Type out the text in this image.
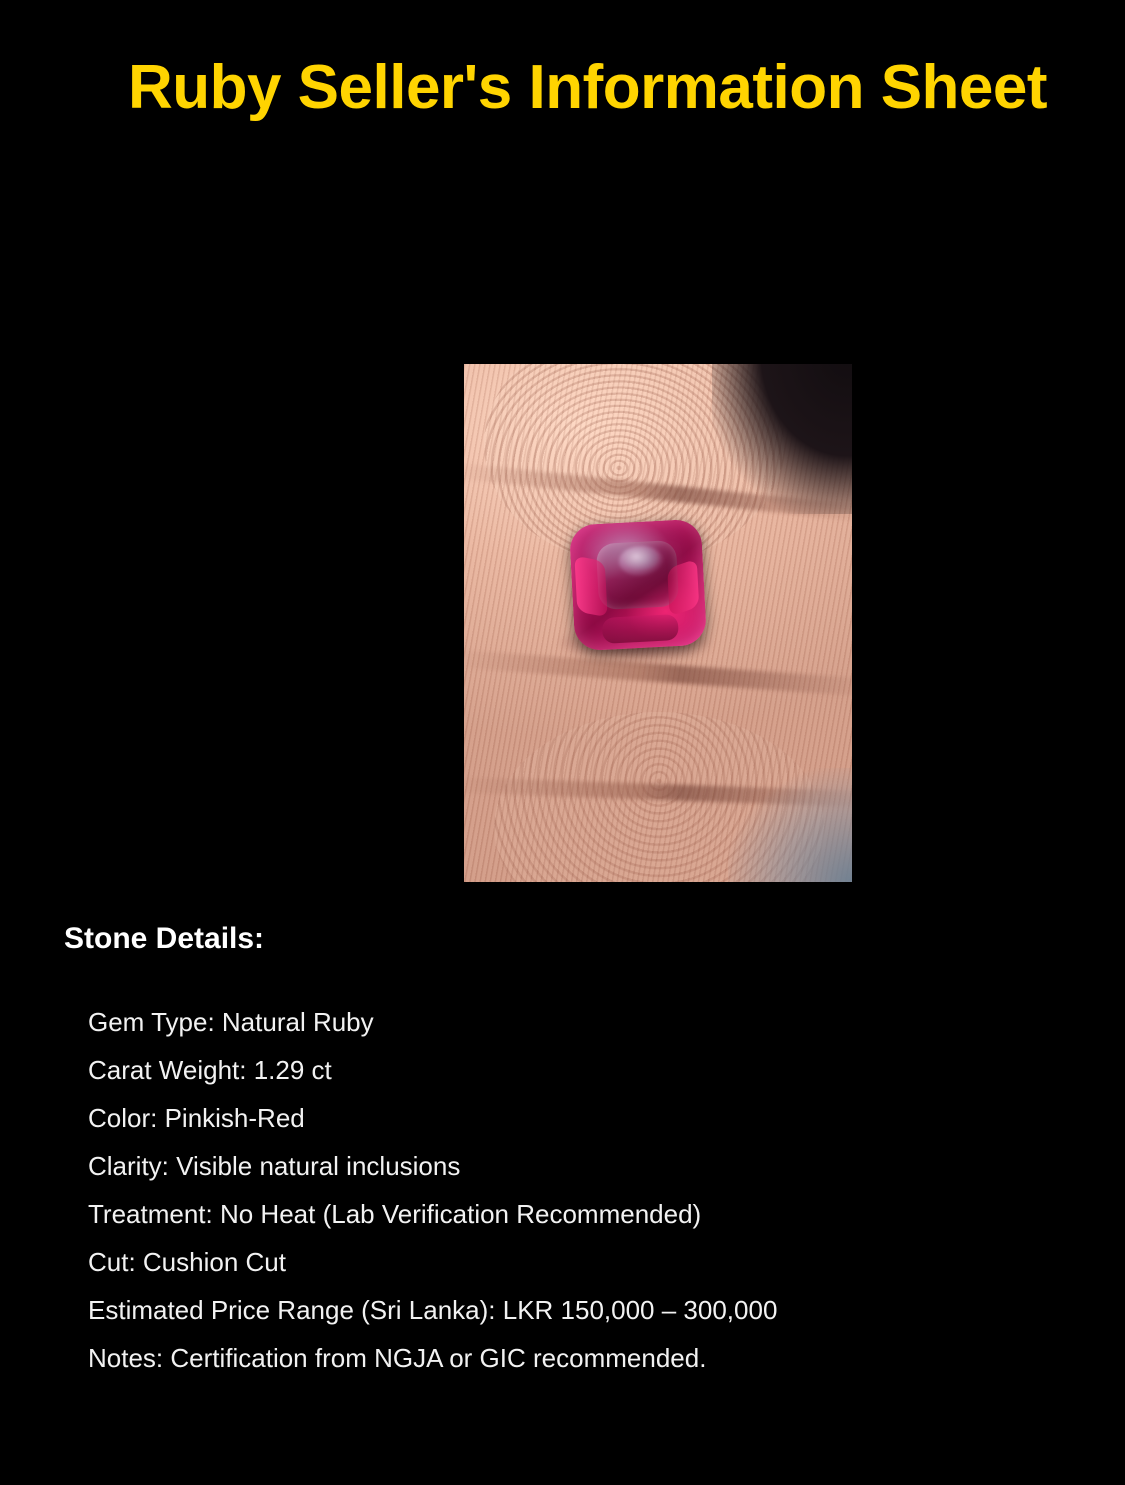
Ruby Seller's Information Sheet
Stone Details:
Gem Type: Natural Ruby
Carat Weight: 1.29 ct
Color: Pinkish-Red
Clarity: Visible natural inclusions
Treatment: No Heat (Lab Verification Recommended)
Cut: Cushion Cut
Estimated Price Range (Sri Lanka): LKR 150,000 – 300,000
Notes: Certification from NGJA or GIC recommended.
